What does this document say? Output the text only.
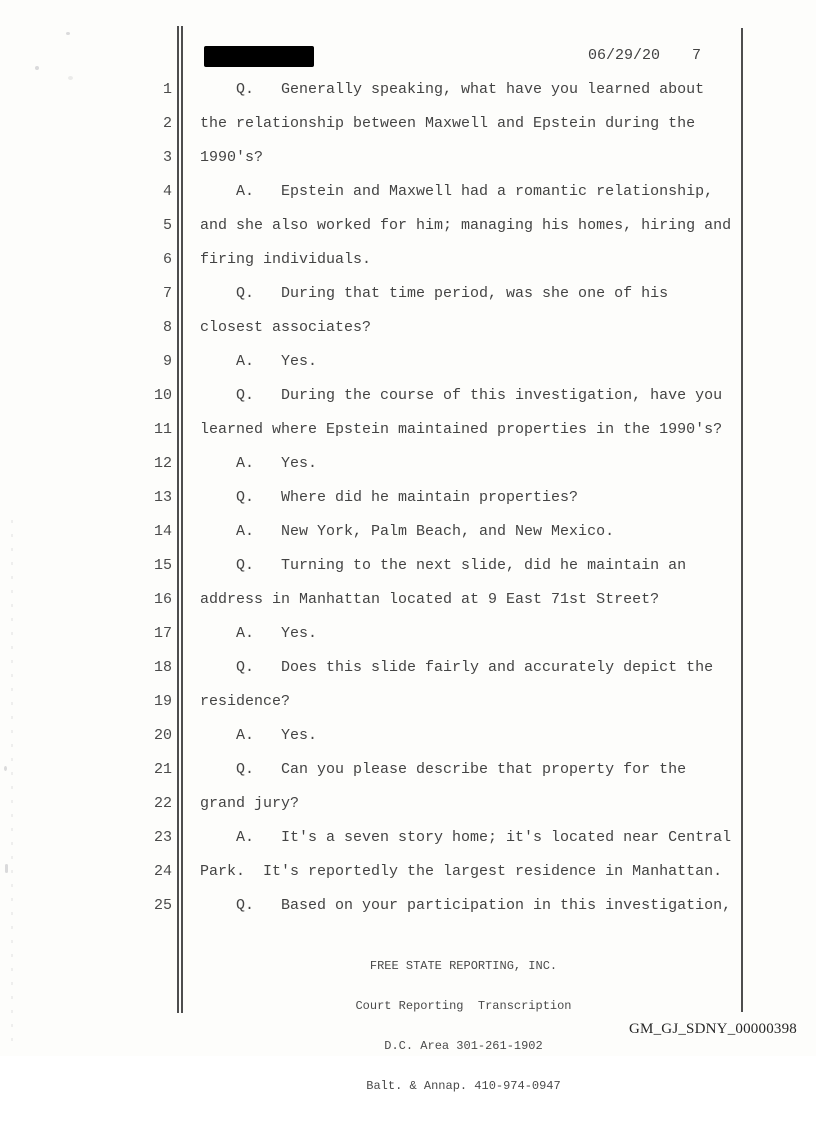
06/29/20 7
1 Q.   Generally speaking, what have you learned about
2 the relationship between Maxwell and Epstein during the
3 1990's?
4 A.   Epstein and Maxwell had a romantic relationship,
5 and she also worked for him; managing his homes, hiring and
6 firing individuals.
7 Q.   During that time period, was she one of his
8 closest associates?
9 A.   Yes.
10 Q.   During the course of this investigation, have you
11 learned where Epstein maintained properties in the 1990's?
12 A.   Yes.
13 Q.   Where did he maintain properties?
14 A.   New York, Palm Beach, and New Mexico.
15 Q.   Turning to the next slide, did he maintain an
16 address in Manhattan located at 9 East 71st Street?
17 A.   Yes.
18 Q.   Does this slide fairly and accurately depict the
19 residence?
20 A.   Yes.
21 Q.   Can you please describe that property for the
22 grand jury?
23 A.   It's a seven story home; it's located near Central
24 Park.  It's reportedly the largest residence in Manhattan.
25 Q.   Based on your participation in this investigation,

FREE STATE REPORTING, INC.

Court Reporting  Transcription

D.C. Area 301-261-1902

Balt. & Annap. 410-974-0947

GM_GJ_SDNY_00000398
